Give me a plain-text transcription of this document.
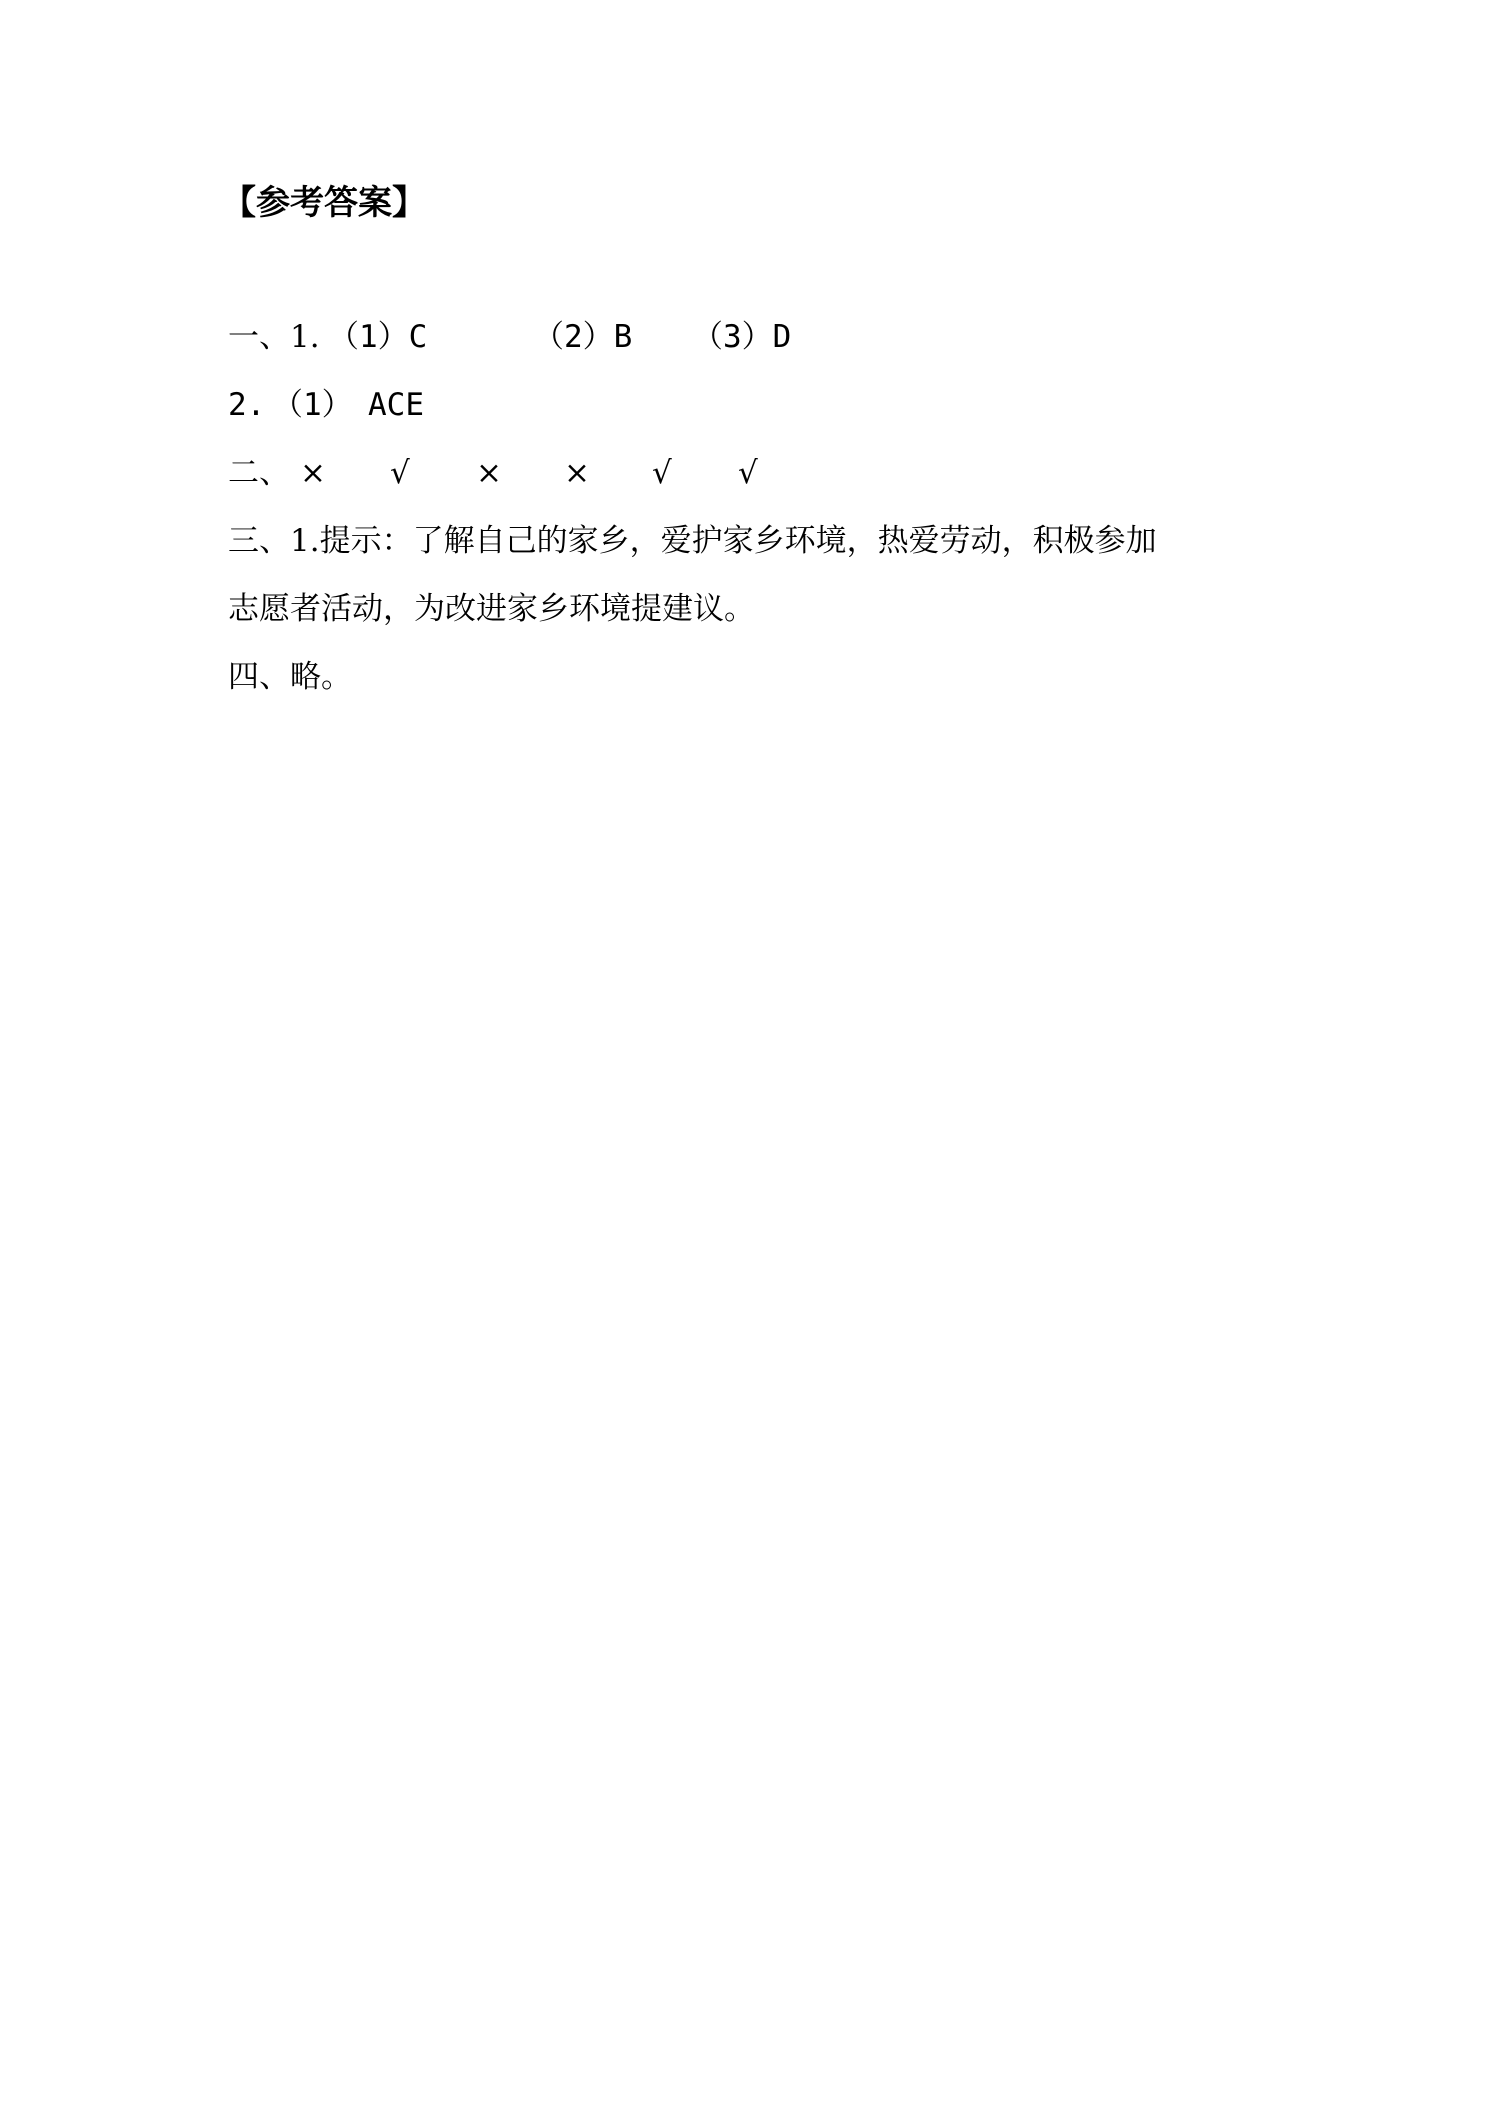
【参考答案】
一、1. （1）C	（2）B （3）D
2. （1） ACE
二、 × √ × × √ √
三、1.提示：了解自己的家乡，爱护家乡环境，热爱劳动，积极参加
志愿者活动，为改进家乡环境提建议。
四、略。
